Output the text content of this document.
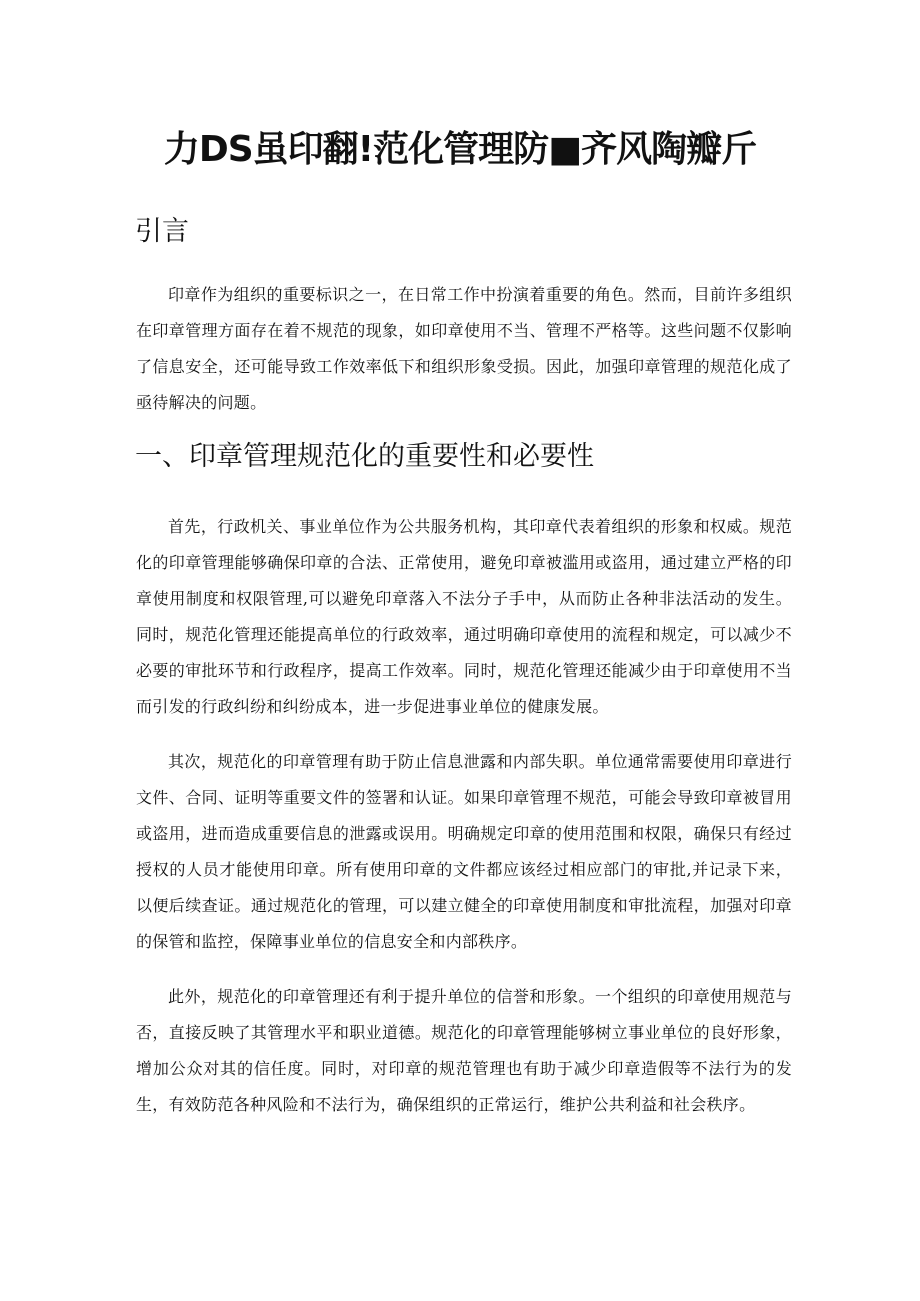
力DS虽印翻!范化管理防■齐风陶瓣斤
引言

印章作为组织的重要标识之一，在日常工作中扮演着重要的角色。然而，目前许多组织在印章管理方面存在着不规范的现象，如印章使用不当、管理不严格等。这些问题不仅影响了信息安全，还可能导致工作效率低下和组织形象受损。因此，加强印章管理的规范化成了亟待解决的问题。

一、印章管理规范化的重要性和必要性

首先，行政机关、事业单位作为公共服务机构，其印章代表着组织的形象和权威。规范化的印章管理能够确保印章的合法、正常使用，避免印章被滥用或盗用，通过建立严格的印章使用制度和权限管理,可以避免印章落入不法分子手中，从而防止各种非法活动的发生。同时，规范化管理还能提高单位的行政效率，通过明确印章使用的流程和规定，可以减少不必要的审批环节和行政程序，提高工作效率。同时，规范化管理还能减少由于印章使用不当而引发的行政纠纷和纠纷成本，进一步促进事业单位的健康发展。

其次，规范化的印章管理有助于防止信息泄露和内部失职。单位通常需要使用印章进行文件、合同、证明等重要文件的签署和认证。如果印章管理不规范，可能会导致印章被冒用或盗用，进而造成重要信息的泄露或误用。明确规定印章的使用范围和权限，确保只有经过授权的人员才能使用印章。所有使用印章的文件都应该经过相应部门的审批,并记录下来，以便后续查证。通过规范化的管理，可以建立健全的印章使用制度和审批流程，加强对印章的保管和监控，保障事业单位的信息安全和内部秩序。

此外，规范化的印章管理还有利于提升单位的信誉和形象。一个组织的印章使用规范与否，直接反映了其管理水平和职业道德。规范化的印章管理能够树立事业单位的良好形象，增加公众对其的信任度。同时，对印章的规范管理也有助于减少印章造假等不法行为的发生，有效防范各种风险和不法行为，确保组织的正常运行，维护公共利益和社会秩序。
